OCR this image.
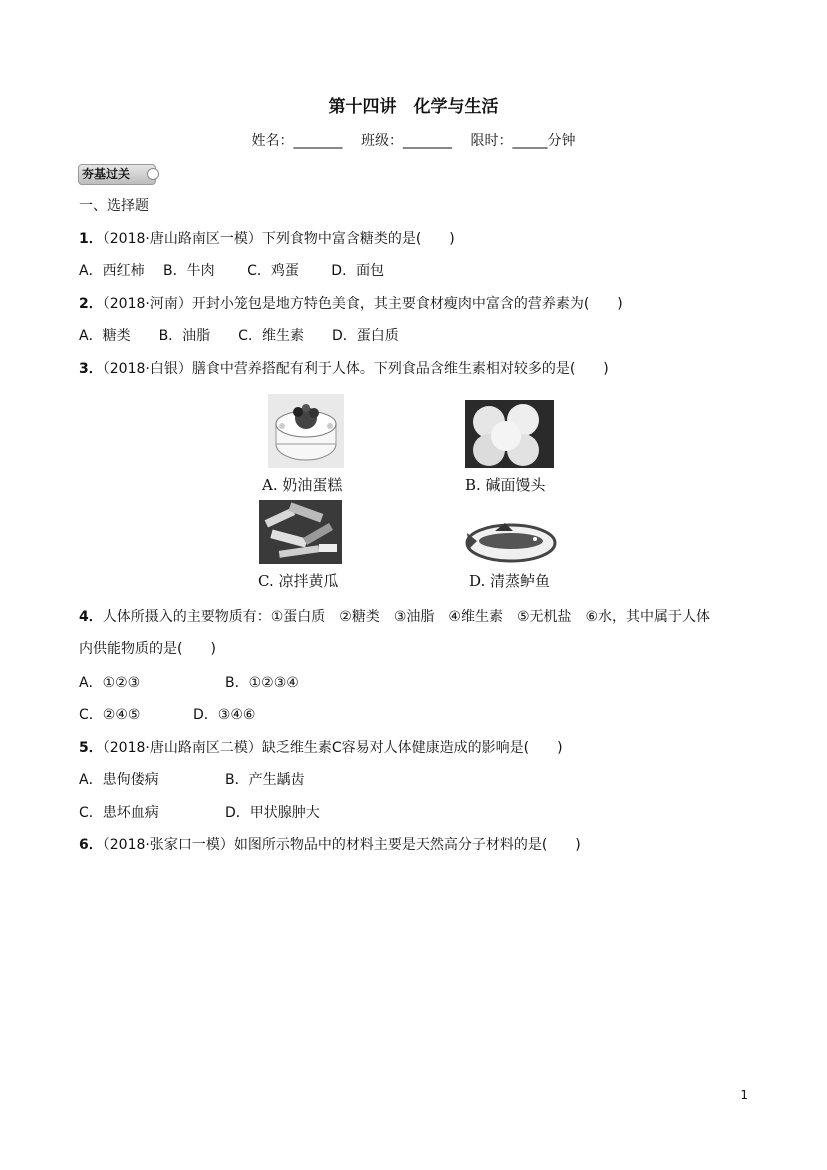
第十四讲　化学与生活
姓名：_______　 班级：_______　 限时：_____分钟
夯基过关
一、选择题
1．（2018·唐山路南区一模）下列食物中富含糖类的是(　　)
A．西红柿　 B．牛肉　　 C．鸡蛋　　 D．面包
2．（2018·河南）开封小笼包是地方特色美食，其主要食材瘦肉中富含的营养素为(　　)
A．糖类　　B．油脂　　C．维生素　　D．蛋白质
3．（2018·白银）膳食中营养搭配有利于人体。下列食品含维生素相对较多的是(　　)
A. 奶油蛋糕	B. 碱面馒头
C. 凉拌黄瓜	D. 清蒸鲈鱼
4．人体所摄入的主要物质有：①蛋白质　②糖类　③油脂　④维生素　⑤无机盐　⑥水，其中属于人体
内供能物质的是(　　)
A．①②③	B．①②③④
C．②④⑤	D．③④⑥
5．（2018·唐山路南区二模）缺乏维生素C容易对人体健康造成的影响是(　　)
A．患佝偻病	B．产生龋齿
C．患坏血病	D．甲状腺肿大
6．（2018·张家口一模）如图所示物品中的材料主要是天然高分子材料的是(　　)
1
